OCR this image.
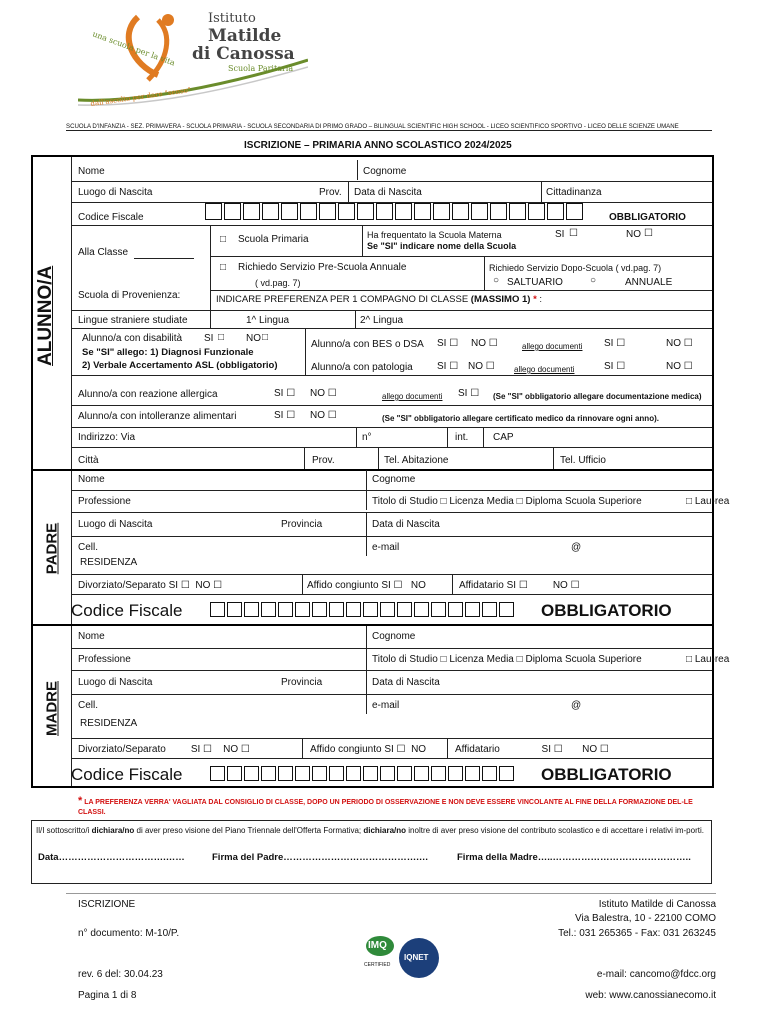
Istituto
Matilde
di Canossa
Scuola Paritaria
una scuola per la vita
dall'ascolto per dare "senso"
SCUOLA D'INFANZIA - SEZ. PRIMAVERA - SCUOLA PRIMARIA - SCUOLA SECONDARIA DI PRIMO GRADO – BILINGUAL SCIENTIFIC HIGH SCHOOL - LICEO SCIENTIFICO SPORTIVO - LICEO DELLE SCIENZE UMANE
ISCRIZIONE – PRIMARIA ANNO SCOLASTICO 2024/2025
ALUNNO/A
PADRE
MADRE
Nome	Cognome
Luogo di Nascita	Prov. Data di Nascita	Cittadinanza
Codice Fiscale	OBBLIGATORIO
Alla Classe
□ Scuola Primaria	Ha frequentato la Scuola Materna	SI ☐	NO ☐
Se "SI" indicare nome della Scuola
□ Richiedo Servizio Pre-Scuola Annuale
( vd.pag. 7)
Richiedo Servizio Dopo-Scuola ( vd.pag. 7)
○ SALTUARIO	○	ANNUALE
Scuola di Provenienza:	INDICARE PREFERENZA PER 1 COMPAGNO DI CLASSE (MASSIMO 1) * :
Lingue straniere studiate	1^ Lingua	2^ Lingua
Alunno/a con disabilità SI □ NO □
Se "SI" allego: 1) Diagnosi Funzionale
2) Verbale Accertamento ASL (obbligatorio)
Alunno/a con BES o DSA SI ☐ NO ☐	allego documenti SI ☐	NO ☐
Alunno/a con patologia SI ☐ NO ☐ allego documenti	SI ☐	NO ☐
Alunno/a con reazione allergica	SI ☐ NO ☐	allego documenti SI ☐ (Se "SI" obbligatorio allegare documentazione medica)
Alunno/a con intolleranze alimentari	SI ☐ NO ☐	(Se "SI" obbligatorio allegare certificato medico da rinnovare ogni anno).
Indirizzo: Via	n°	int. CAP
Città	Prov.	Tel. Abitazione	Tel. Ufficio
Nome	Cognome
Professione	Titolo di Studio □ Licenza Media □ Diploma Scuola Superiore	□ Lau-rea
Luogo di Nascita	Provincia	Data di Nascita
Cell.	e-mail	@
RESIDENZA
Divorziato/Separato SI ☐  NO ☐	Affido congiunto SI ☐   NO	Affidatario SI ☐         NO ☐
Codice Fiscale	OBBLIGATORIO
Nome	Cognome
Professione	Titolo di Studio □ Licenza Media □ Diploma Scuola Superiore	□ Lau-rea
Luogo di Nascita	Provincia	Data di Nascita
Cell.	e-mail	@
RESIDENZA
Divorziato/Separato         SI ☐    NO ☐	Affido congiunto SI ☐  NO	Affidatario               SI ☐       NO ☐
Codice Fiscale	OBBLIGATORIO
* LA PREFERENZA VERRA' VAGLIATA DAL CONSIGLIO DI CLASSE, DOPO UN PERIODO DI OSSERVAZIONE E NON DEVE ESSERE VINCOLANTE AL FINE DELLA FORMAZIONE DEL-LE CLASSI.
Il/I sottoscritto/i dichiara/no di aver preso visione del Piano Triennale dell'Offerta Formativa; dichiara/no inoltre di aver preso visione del contributo scolastico e di accettare i relativi im-porti.
Data…………………………….……	Firma del Padre…………………………………….…	Firma della Madre…..……………………………………..
ISCRIZIONE
n° documento: M-10/P.
rev. 6 del: 30.04.23
Pagina 1 di 8
Istituto Matilde di Canossa
Via Balestra, 10 - 22100 COMO
Tel.: 031 265365 - Fax: 031 263245
e-mail: cancomo@fdcc.org
web: www.canossianecomo.it
IMQ
CERTIFIED
IQNET
